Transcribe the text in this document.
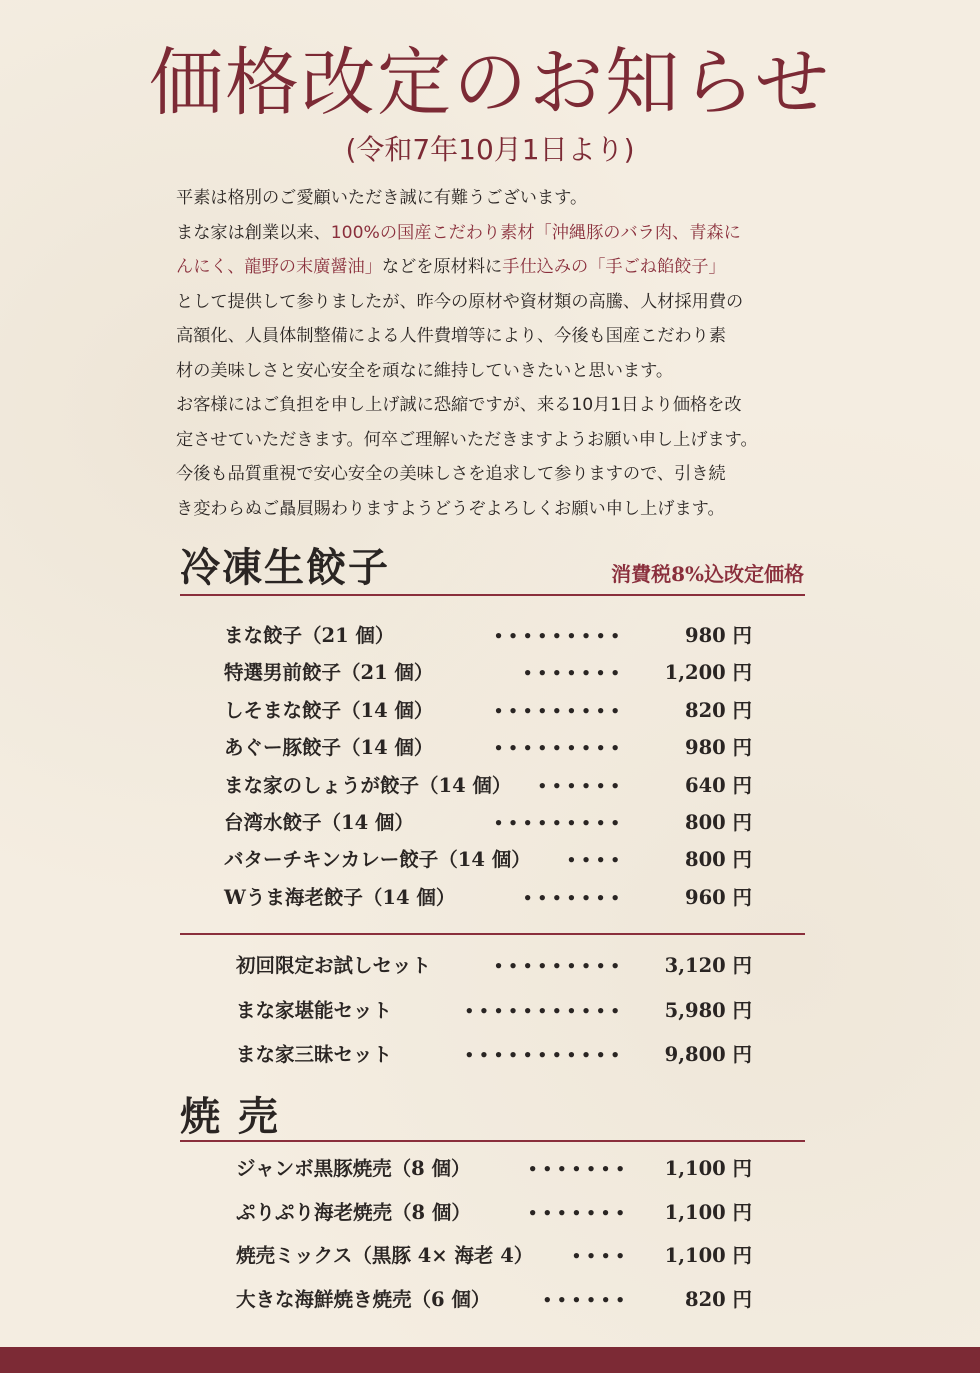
価格改定のお知らせ
(令和7年10月1日より)
平素は格別のご愛顧いただき誠に有難うございます。
まな家は創業以来、100%の国産こだわり素材「沖縄豚のバラ肉、青森に
んにく、龍野の末廣醤油」などを原材料に手仕込みの「手ごね餡餃子」
として提供して参りましたが、昨今の原材や資材類の高騰、人材採用費の
高額化、人員体制整備による人件費増等により、今後も国産こだわり素
材の美味しさと安心安全を頑なに維持していきたいと思います。
お客様にはご負担を申し上げ誠に恐縮ですが、来る10月1日より価格を改
定させていただきます。何卒ご理解いただきますようお願い申し上げます。
今後も品質重視で安心安全の美味しさを追求して参りますので、引き続
き変わらぬご贔屓賜わりますようどうぞよろしくお願い申し上げます。
冷凍生餃子	消費税8%込改定価格
まな餃子（21 個）	•••••••••	980 円
特選男前餃子（21 個）	••••••• 1,200 円
しそまな餃子（14 個）	•••••••••	820 円
あぐー豚餃子（14 個）	•••••••••	980 円
まな家のしょうが餃子（14 個） ••••••	640 円
台湾水餃子（14 個）	•••••••••	800 円
バターチキンカレー餃子（14 個） ••••	800 円
Wうま海老餃子（14 個）	•••••••	960 円
初回限定お試しセット	••••••••• 3,120 円
まな家堪能セット	••••••••••• 5,980 円
まな家三昧セット	••••••••••• 9,800 円
焼 売
ジャンボ黒豚焼売（8 個）	••••••• 1,100 円
ぷりぷり海老焼売（8 個）	••••••• 1,100 円
焼売ミックス（黒豚 4× 海老 4）	•••• 1,100 円
大きな海鮮焼き焼売（6 個）	••••••	820 円
